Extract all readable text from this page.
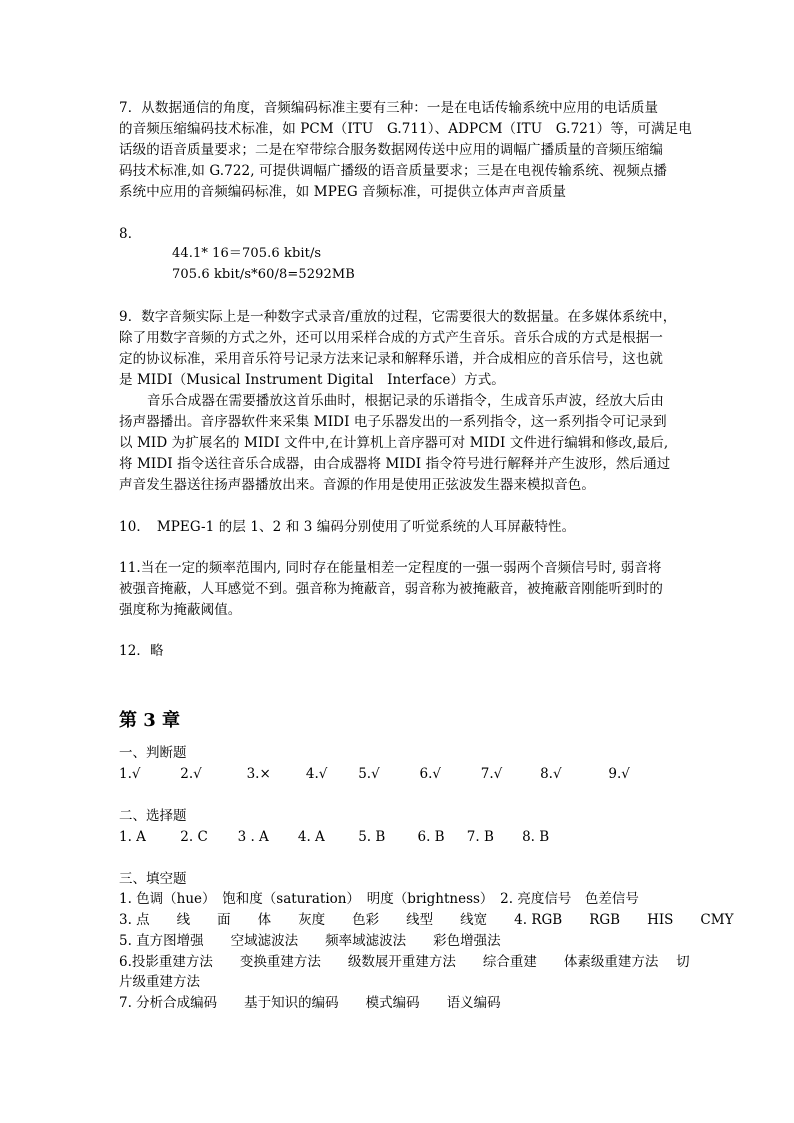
7．从数据通信的角度，音频编码标准主要有三种：一是在电话传输系统中应用的电话质量
的音频压缩编码技术标准，如 PCM（ITU　G.711）、ADPCM（ITU　G.721）等，可满足电
话级的语音质量要求；二是在窄带综合服务数据网传送中应用的调幅广播质量的音频压缩编
码技术标准,如 G.722, 可提供调幅广播级的语音质量要求；三是在电视传输系统、视频点播
系统中应用的音频编码标准，如 MPEG 音频标准，可提供立体声声音质量
8．
44.1* 16＝705.6 kbit/s
705.6 kbit/s*60/8=5292MB
9．数字音频实际上是一种数字式录音/重放的过程，它需要很大的数据量。在多媒体系统中，
除了用数字音频的方式之外，还可以用采样合成的方式产生音乐。音乐合成的方式是根据一
定的协议标准，采用音乐符号记录方法来记录和解释乐谱，并合成相应的音乐信号，这也就
是 MIDI（Musical Instrument Digital　Interface）方式。
音乐合成器在需要播放这首乐曲时，根据记录的乐谱指令，生成音乐声波，经放大后由
扬声器播出。音序器软件来采集 MIDI 电子乐器发出的一系列指令，这一系列指令可记录到
以 MID 为扩展名的 MIDI 文件中,在计算机上音序器可对 MIDI 文件进行编辑和修改,最后,
将 MIDI 指令送往音乐合成器，由合成器将 MIDI 指令符号进行解释并产生波形，然后通过
声音发生器送往扬声器播放出来。音源的作用是使用正弦波发生器来模拟音色。
10．　MPEG-1 的层 1、2 和 3 编码分别使用了听觉系统的人耳屏蔽特性。
11.当在一定的频率范围内, 同时存在能量相差一定程度的一强一弱两个音频信号时, 弱音将
被强音掩蔽，人耳感觉不到。强音称为掩蔽音，弱音称为被掩蔽音，被掩蔽音刚能听到时的
强度称为掩蔽阈值。
12．略
第 3 章
一、判断题
1.√	2.√	3.×	4.√ 5.√	6.√	7.√	8.√	9.√
二、选择题
1. A	2. C 3 . A 4. A 5. B 6. B 7. B 8. B
三、填空题
1. 色调（hue）　饱和度（saturation）　明度（brightness）　2. 亮度信号　色差信号
3. 点　　线　　面　　体　　灰度　　色彩　　线型　　线宽　　4. RGB　　RGB　　HIS　　CMY
5. 直方图增强　　空域滤波法　　频率域滤波法　　彩色增强法
6.投影重建方法　　变换重建方法　　级数展开重建方法　　综合重建　　体素级重建方法　 切
片级重建方法
7. 分析合成编码　　基于知识的编码　　模式编码　　语义编码
